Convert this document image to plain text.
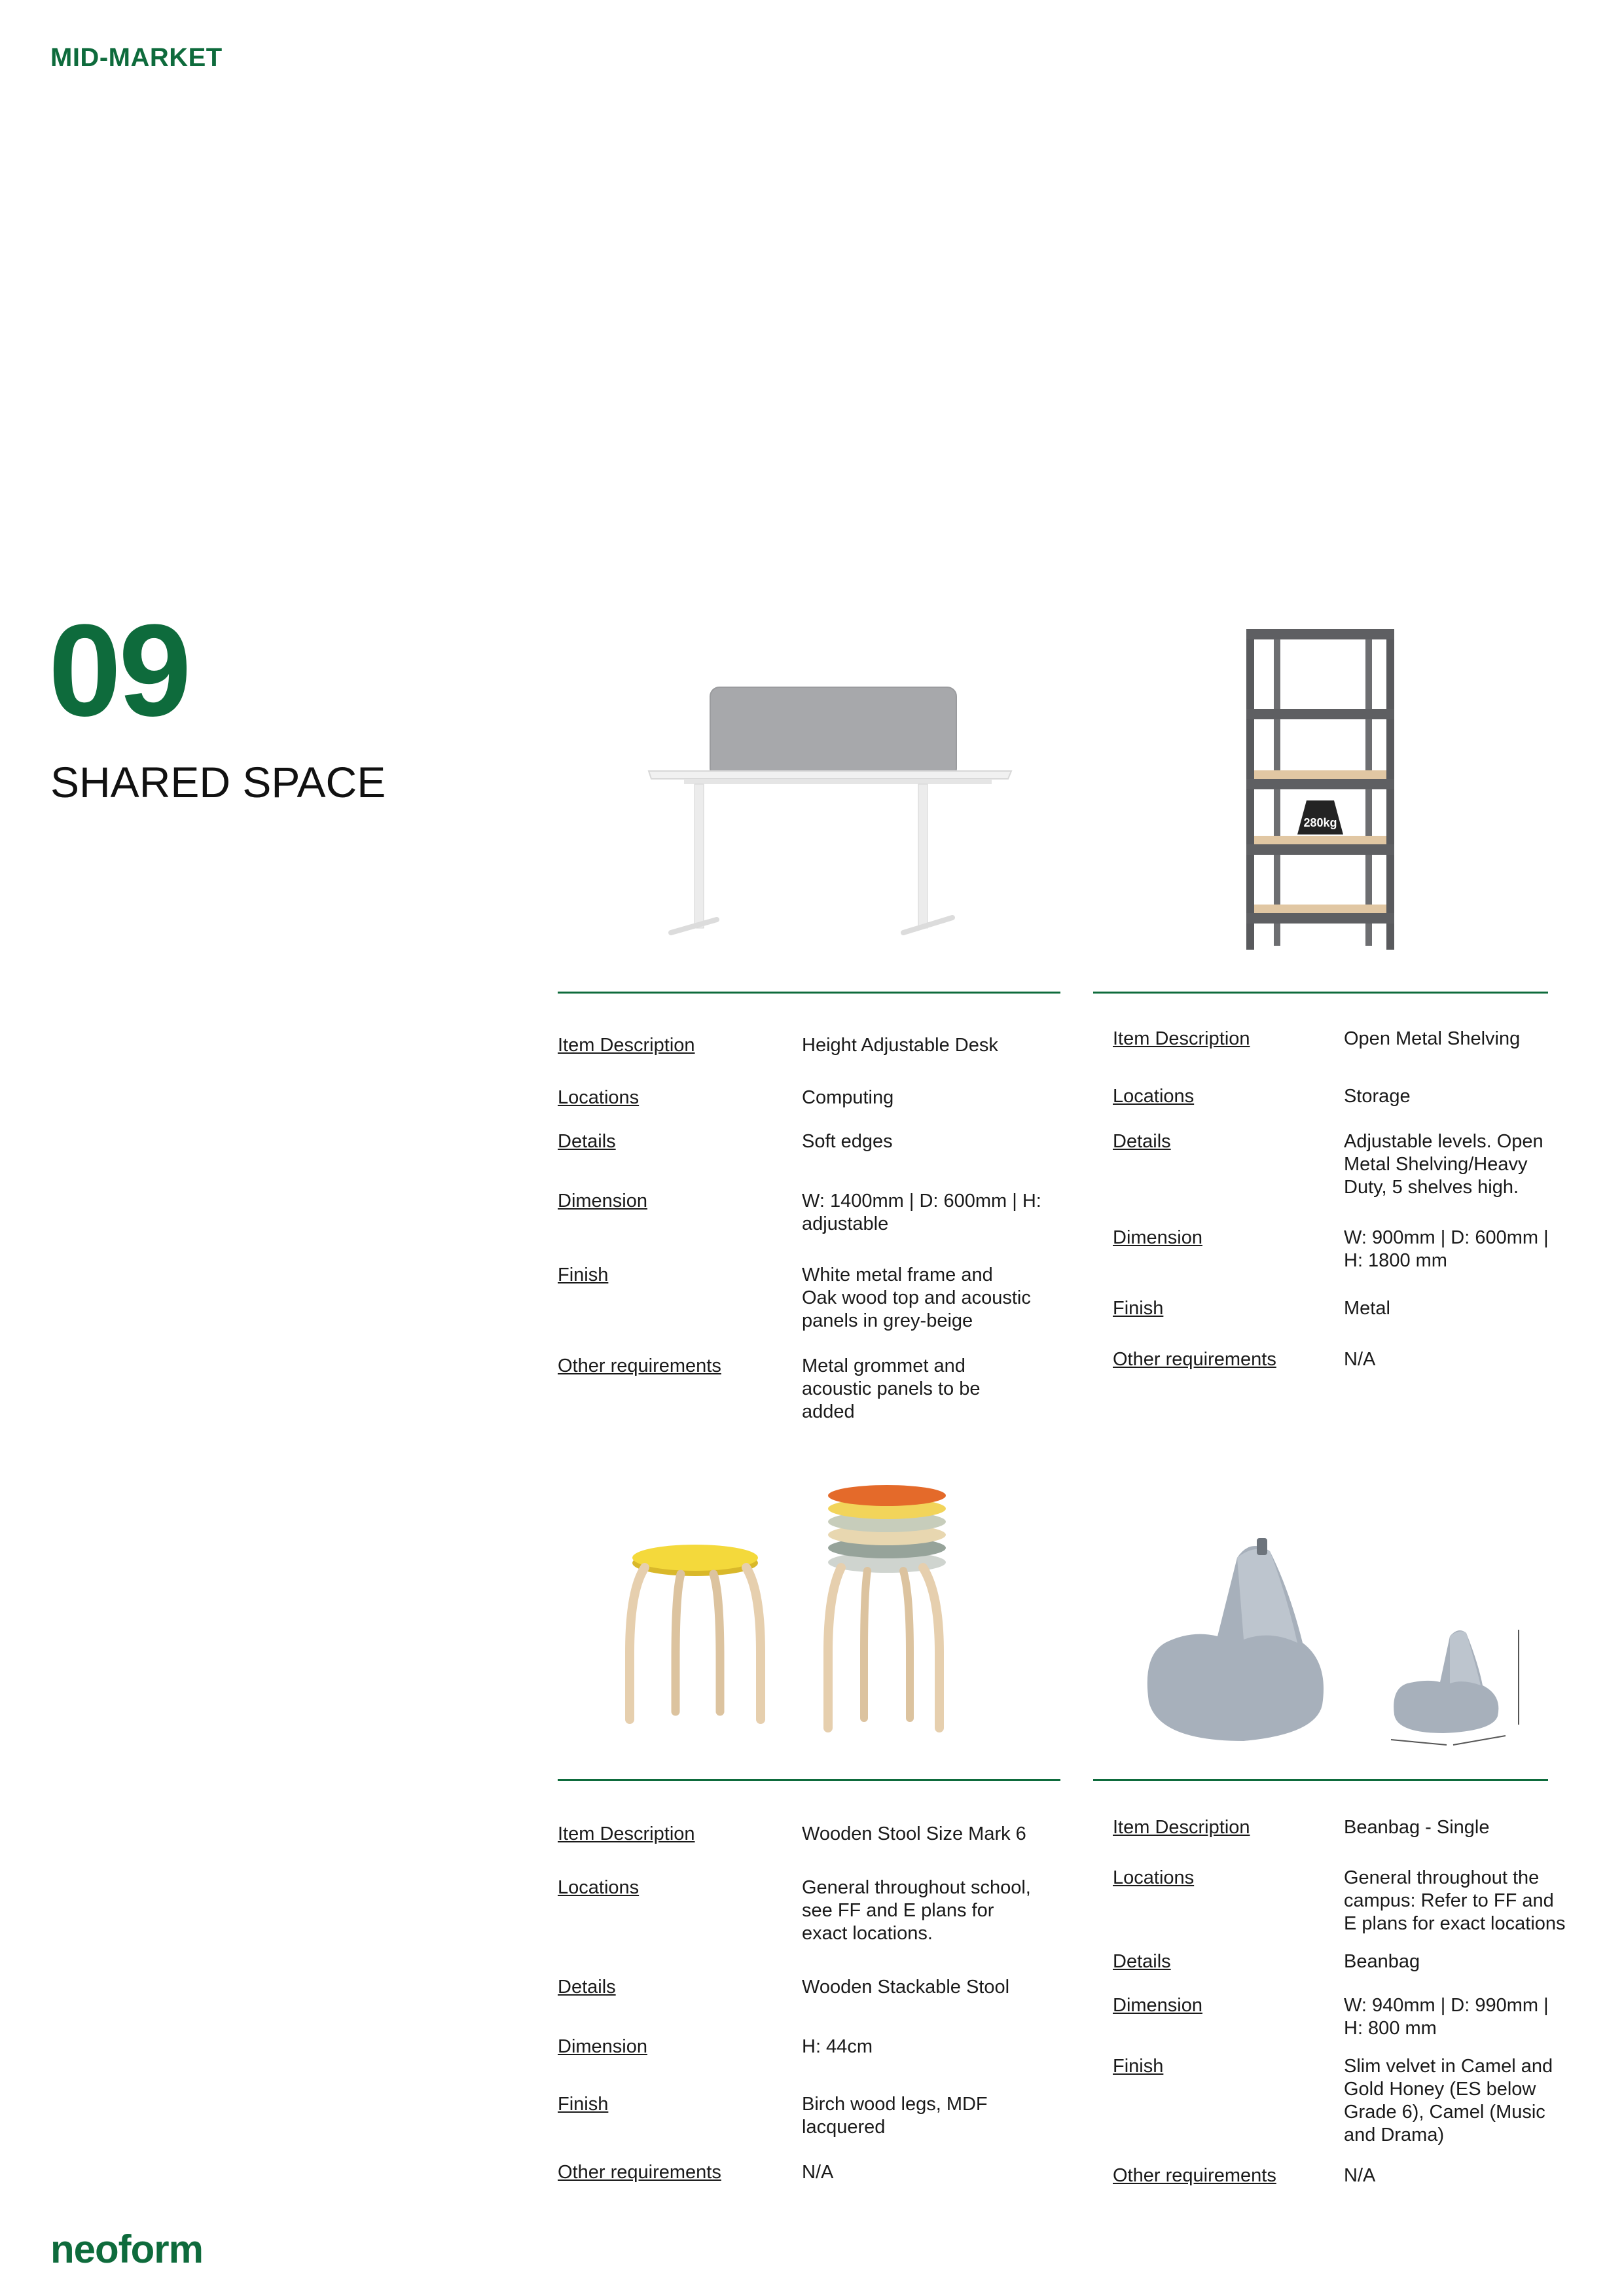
MID-MARKET
09
SHARED SPACE
280kg
Item Description	Height Adjustable Desk
Locations	Computing
Details	Soft edges
Dimension	W: 1400mm | D: 600mm | H: adjustable
Finish	White metal frame and Oak wood top and acoustic panels in grey-beige
Other requirements	Metal grommet and acoustic panels to be added
Item Description	Open Metal Shelving
Locations	Storage
Details	Adjustable levels. Open Metal Shelving/Heavy Duty, 5 shelves high.
Dimension	W: 900mm | D: 600mm | H: 1800 mm
Finish	Metal
Other requirements	N/A
Item Description	Wooden Stool Size Mark 6
Locations	General throughout school, see FF and E plans for exact locations.
Details	Wooden Stackable Stool
Dimension	H: 44cm
Finish	Birch wood legs, MDF lacquered
Other requirements	N/A
Item Description	Beanbag - Single
Locations	General throughout the campus: Refer to FF and E plans for exact locations
Details	Beanbag
Dimension	W: 940mm | D: 990mm | H: 800 mm
Finish	Slim velvet in Camel and Gold Honey (ES below Grade 6), Camel (Music and Drama)
Other requirements	N/A
neoform
